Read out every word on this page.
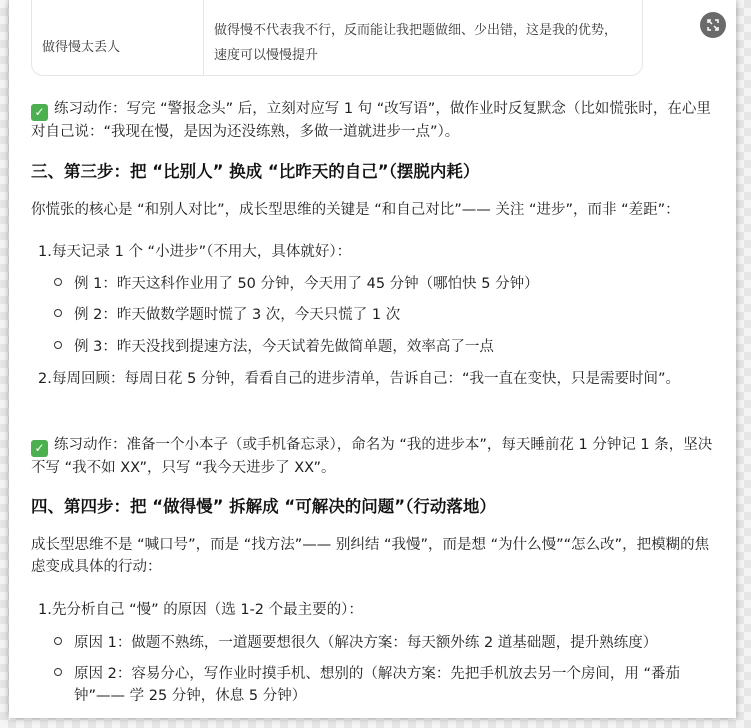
做得慢太丢人
做得慢不代表我不行，反而能让我把题做细、少出错，这是我的优势，速度可以慢慢提升
✓ 练习动作：写完 “警报念头” 后，立刻对应写 1 句 “改写语”，做作业时反复默念（比如慌张时，在心里对自己说：“我现在慢，是因为还没练熟，多做一道就进步一点”）。
三、第三步：把 “比别人” 换成 “比昨天的自己”（摆脱内耗）
你慌张的核心是 “和别人对比”，成长型思维的关键是 “和自己对比”—— 关注 “进步”，而非 “差距”：
1.每天记录 1 个 “小进步”（不用大，具体就好）：
例 1：昨天这科作业用了 50 分钟，今天用了 45 分钟（哪怕快 5 分钟）
例 2：昨天做数学题时慌了 3 次，今天只慌了 1 次
例 3：昨天没找到提速方法，今天试着先做简单题，效率高了一点
2.每周回顾：每周日花 5 分钟，看看自己的进步清单，告诉自己：“我一直在变快，只是需要时间”。
✓ 练习动作：准备一个小本子（或手机备忘录），命名为 “我的进步本”，每天睡前花 1 分钟记 1 条，坚决不写 “我不如 XX”，只写 “我今天进步了 XX”。
四、第四步：把 “做得慢” 拆解成 “可解决的问题”（行动落地）
成长型思维不是 “喊口号”，而是 “找方法”—— 别纠结 “我慢”，而是想 “为什么慢”“怎么改”，把模糊的焦虑变成具体的行动：
1.先分析自己 “慢” 的原因（选 1-2 个最主要的）：
原因 1：做题不熟练，一道题要想很久（解决方案：每天额外练 2 道基础题，提升熟练度）
原因 2：容易分心，写作业时摸手机、想别的（解决方案：先把手机放去另一个房间，用 “番茄钟”—— 学 25 分钟，休息 5 分钟）
